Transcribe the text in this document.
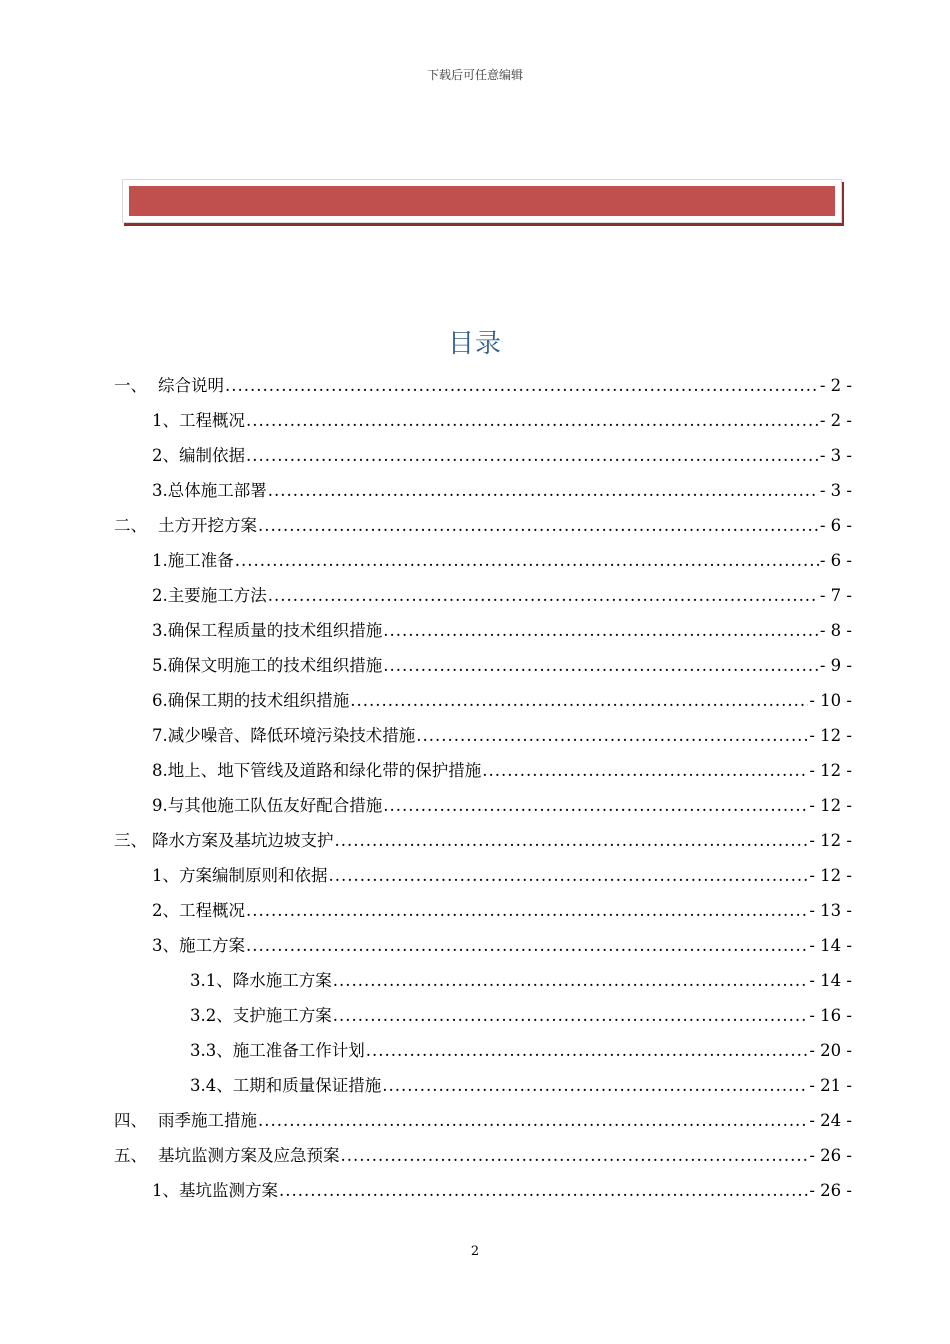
下载后可任意编辑
目录
一、 综合说明 .....	- 2 -
1、工程概况 .....	- 2 -
2、编制依据 .....	- 3 -
3.总体施工部署 .....	- 3 -
二、 土方开挖方案 .....	- 6 -
1.施工准备 .....	- 6 -
2.主要施工方法 .....	- 7 -
3.确保工程质量的技术组织措施 .....	- 8 -
5.确保文明施工的技术组织措施 .....	- 9 -
6.确保工期的技术组织措施 .....	- 10 -
7.减少噪音、降低环境污染技术措施 .....	- 12 -
8.地上、地下管线及道路和绿化带的保护措施 .....	- 12 -
9.与其他施工队伍友好配合措施 .....	- 12 -
三、 降水方案及基坑边坡支护 .....	- 12 -
1、方案编制原则和依据 .....	- 12 -
2、工程概况 .....	- 13 -
3、施工方案 .....	- 14 -
3.1、降水施工方案 .....	- 14 -
3.2、支护施工方案 .....	- 16 -
3.3、施工准备工作计划 .....	- 20 -
3.4、工期和质量保证措施 .....	- 21 -
四、 雨季施工措施 .....	- 24 -
五、 基坑监测方案及应急预案 .....	- 26 -
1、基坑监测方案 .....	- 26 -
2
